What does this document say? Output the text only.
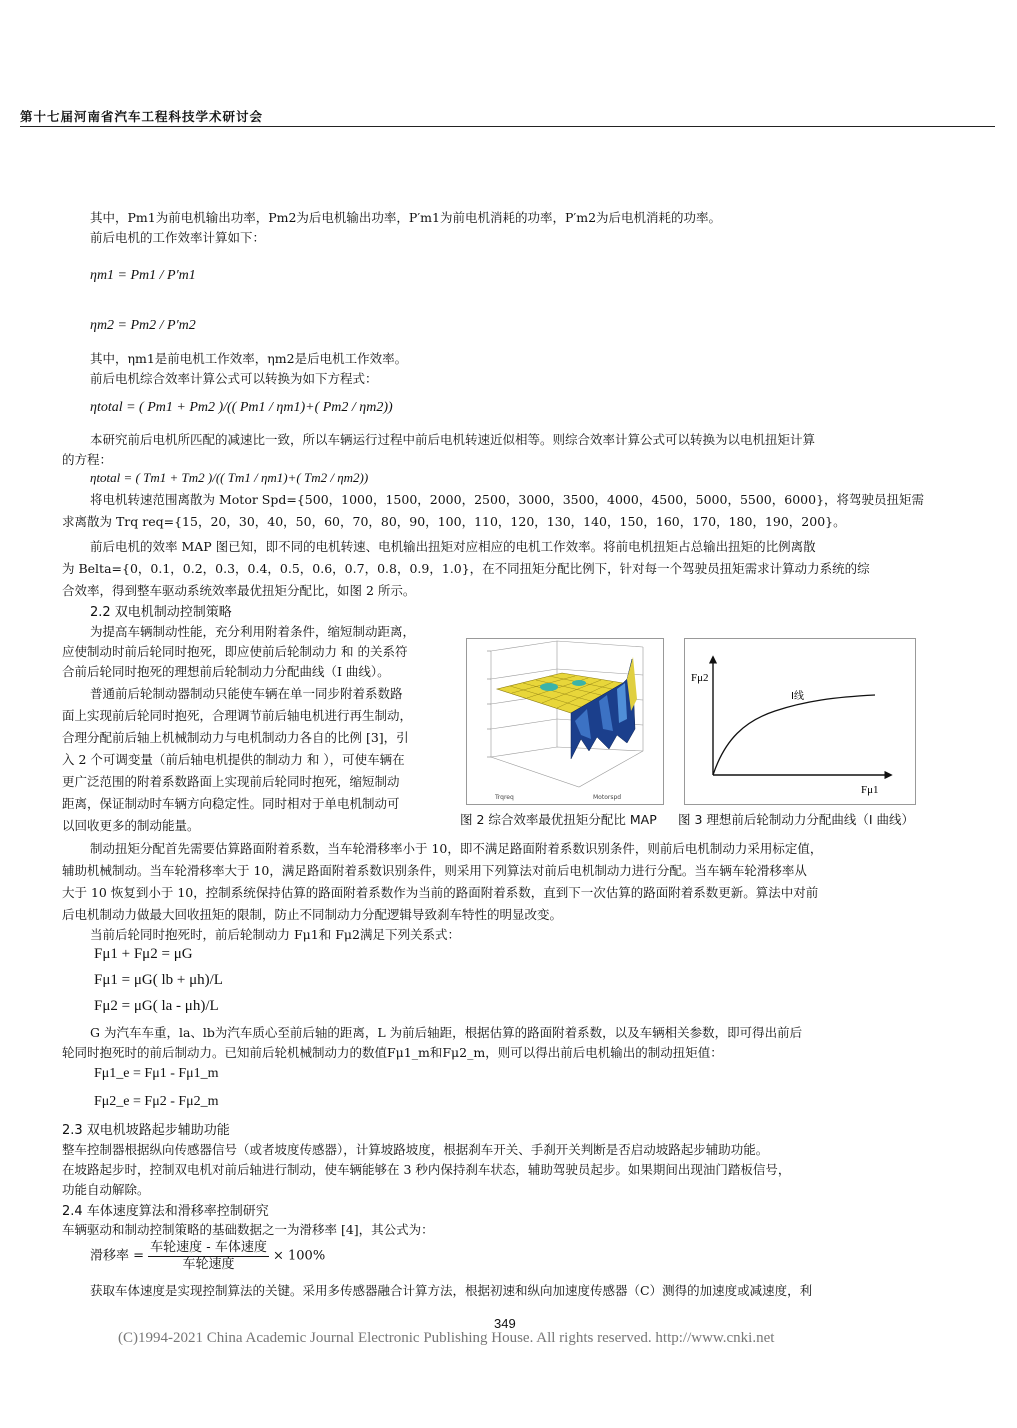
第十七届河南省汽车工程科技学术研讨会
其中，Pm1为前电机输出功率，Pm2为后电机输出功率，P′m1为前电机消耗的功率，P′m2为后电机消耗的功率。
前后电机的工作效率计算如下：
ηm1 = Pm1 / P′m1
ηm2 = Pm2 / P′m2
其中，ηm1是前电机工作效率，ηm2是后电机工作效率。
前后电机综合效率计算公式可以转换为如下方程式：
ηtotal = ( Pm1 + Pm2 )/(( Pm1 / ηm1)+( Pm2 / ηm2))
本研究前后电机所匹配的减速比一致，所以车辆运行过程中前后电机转速近似相等。则综合效率计算公式可以转换为以电机扭矩计算
的方程：
ηtotal = ( Tm1 + Tm2 )/(( Tm1 / ηm1)+( Tm2 / ηm2))
将电机转速范围离散为 Motor Spd={500，1000，1500，2000，2500，3000，3500，4000，4500，5000，5500，6000}，将驾驶员扭矩需
求离散为 Trq req={15，20，30，40，50，60，70，80，90，100，110，120，130，140，150，160，170，180，190，200}。
前后电机的效率 MAP 图已知，即不同的电机转速、电机输出扭矩对应相应的电机工作效率。将前电机扭矩占总输出扭矩的比例离散
为 Belta={0，0.1，0.2，0.3，0.4，0.5，0.6，0.7，0.8，0.9，1.0}，在不同扭矩分配比例下，针对每一个驾驶员扭矩需求计算动力系统的综
合效率，得到整车驱动系统效率最优扭矩分配比，如图 2 所示。
2.2 双电机制动控制策略
为提高车辆制动性能，充分利用附着条件，缩短制动距离，
应使制动时前后轮同时抱死，即应使前后轮制动力 和 的关系符
合前后轮同时抱死的理想前后轮制动力分配曲线（I 曲线）。
普通前后轮制动器制动只能使车辆在单一同步附着系数路
面上实现前后轮同时抱死，合理调节前后轴电机进行再生制动，
合理分配前后轴上机械制动力与电机制动力各自的比例 [3]，引
入 2 个可调变量（前后轴电机提供的制动力 和 ），可使车辆在
更广泛范围的附着系数路面上实现前后轮同时抱死，缩短制动
距离，保证制动时车辆方向稳定性。同时相对于单电机制动可
以回收更多的制动能量。
Trqreq	Motorspd
Fμ2
Fμ1
I线
图 2 综合效率最优扭矩分配比 MAP 图 3 理想前后轮制动力分配曲线（I 曲线）
制动扭矩分配首先需要估算路面附着系数，当车轮滑移率小于 10，即不满足路面附着系数识别条件，则前后电机制动力采用标定值，
辅助机械制动。当车轮滑移率大于 10，满足路面附着系数识别条件，则采用下列算法对前后电机制动力进行分配。当车辆车轮滑移率从
大于 10 恢复到小于 10，控制系统保持估算的路面附着系数作为当前的路面附着系数，直到下一次估算的路面附着系数更新。算法中对前
后电机制动力做最大回收扭矩的限制，防止不同制动力分配逻辑导致刹车特性的明显改变。
当前后轮同时抱死时，前后轮制动力 Fμ1和 Fμ2满足下列关系式：
Fμ1 + Fμ2 = μG
Fμ1 = μG( lb + μh)/L
Fμ2 = μG( la - μh)/L
G 为汽车车重，la、lb为汽车质心至前后轴的距离，L 为前后轴距，根据估算的路面附着系数，以及车辆相关参数，即可得出前后
轮同时抱死时的前后制动力。已知前后轮机械制动力的数值Fμ1_m和Fμ2_m，则可以得出前后电机输出的制动扭矩值：
Fμ1_e = Fμ1 - Fμ1_m
Fμ2_e = Fμ2 - Fμ2_m
2.3 双电机坡路起步辅助功能
整车控制器根据纵向传感器信号（或者坡度传感器），计算坡路坡度，根据刹车开关、手刹开关判断是否启动坡路起步辅助功能。
在坡路起步时，控制双电机对前后轴进行制动，使车辆能够在 3 秒内保持刹车状态，辅助驾驶员起步。如果期间出现油门踏板信号，
功能自动解除。
2.4 车体速度算法和滑移率控制研究
车辆驱动和制动控制策略的基础数据之一为滑移率 [4]，其公式为：
滑移率 = $\frac{\text{车轮速度 - 车体速度}}{\text{车轮速度}} \times 100\%$
获取车体速度是实现控制算法的关键。采用多传感器融合计算方法，根据初速和纵向加速度传感器（C）测得的加速度或减速度，利
349
(C)1994-2021 China Academic Journal Electronic Publishing House. All rights reserved. http://www.cnki.net
